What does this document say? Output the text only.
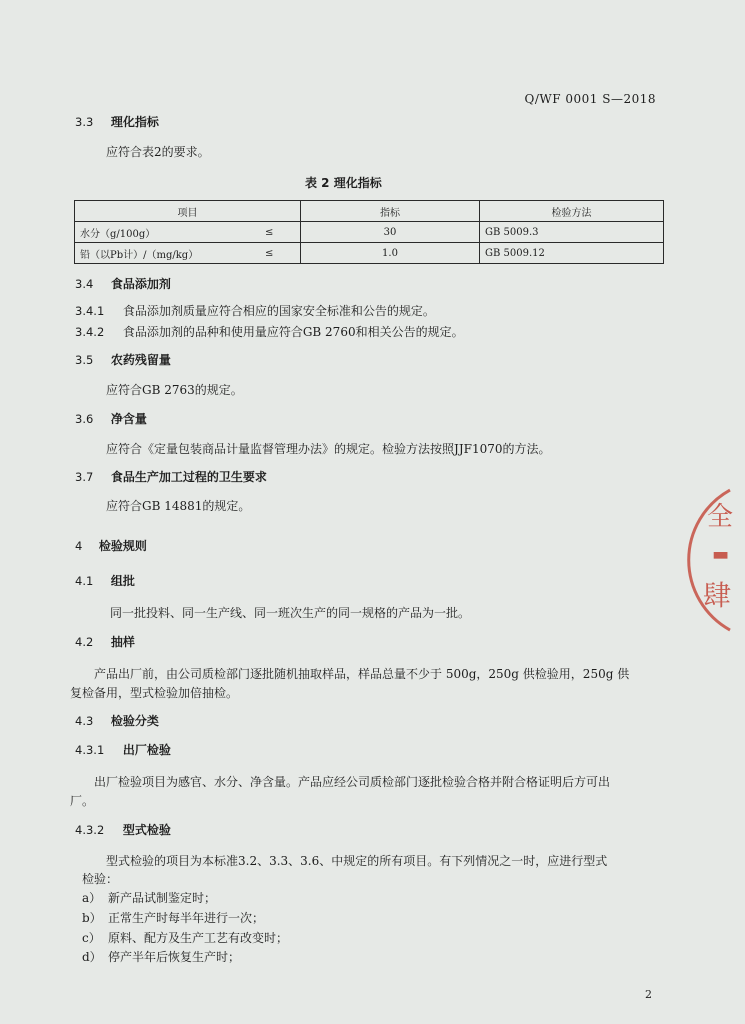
Q/WF 0001 S—2018
3.3 理化指标
应符合表2的要求。
表 2 理化指标
项目		指标	检验方法
水分（g/100g）	≤	30	GB 5009.3
铅（以Pb计）/（mg/kg）	≤	1.0	GB 5009.12
3.4 食品添加剂
3.4.1 食品添加剂质量应符合相应的国家安全标准和公告的规定。
3.4.2 食品添加剂的品种和使用量应符合GB 2760和相关公告的规定。
3.5 农药残留量
应符合GB 2763的规定。
3.6 净含量
应符合《定量包装商品计量监督管理办法》的规定。检验方法按照JJF1070的方法。
3.7 食品生产加工过程的卫生要求
应符合GB 14881的规定。
4 检验规则
4.1 组批
同一批投料、同一生产线、同一班次生产的同一规格的产品为一批。
4.2 抽样
产品出厂前，由公司质检部门逐批随机抽取样品，样品总量不少于 500g，250g 供检验用，250g 供
复检备用，型式检验加倍抽检。
4.3 检验分类
4.3.1 出厂检验
出厂检验项目为感官、水分、净含量。产品应经公司质检部门逐批检验合格并附合格证明后方可出
厂。
4.3.2 型式检验
型式检验的项目为本标准3.2、3.3、3.6、中规定的所有项目。有下列情况之一时，应进行型式
检验：
a） 新产品试制鉴定时；
b） 正常生产时每半年进行一次；
c） 原料、配方及生产工艺有改变时；
d） 停产半年后恢复生产时；
全
▬
肆
2
